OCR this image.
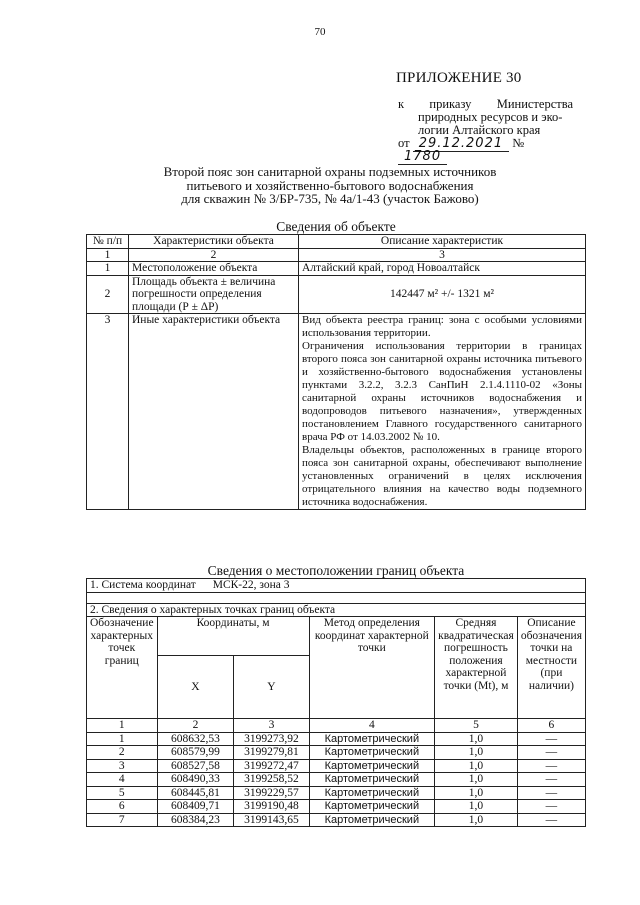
70
ПРИЛОЖЕНИЕ 30
к приказу Министерства
природных ресурсов и эко-
логии Алтайского края
от 29.12.2021 № 1780
Второй пояс зон санитарной охраны подземных источников
питьевого и хозяйственно-бытового водоснабжения
для скважин № 3/БР-735, № 4а/1-43 (участок Бажово)
Сведения об объекте
№ п/п	Характеристики объекта	Описание характеристик
1	2	3
1	Местоположение объекта	Алтайский край, город Новоалтайск
2	Площадь объекта ± величина погрешности определения площади (Р ± ΔР)	142447 м² +/- 1321 м²
3	Иные характеристики объекта	Вид объекта реестра границ: зона с особыми условиями использования территории.
Ограничения использования территории в границах второго пояса зон санитарной охраны источника питьевого и хозяйственно-бытового водоснабжения установлены пунктами 3.2.2, 3.2.3 СанПиН 2.1.4.1110-02 «Зоны санитарной охраны источников водоснабжения и водопроводов питьевого назначения», утвержденных постановлением Главного государственного санитарного врача РФ от 14.03.2002 № 10.
Владельцы объектов, расположенных в границе второго пояса зон санитарной охраны, обеспечивают выполнение установленных ограничений в целях исключения отрицательного влияния на качество воды подземного источника водоснабжения.
Сведения о местоположении границ объекта
1. Система координат МСК-22, зона 3					

2. Сведения о характерных точках границ объекта					
Обозначение характерных точек границ	Координаты, м		Метод определения координат характерной точки	Средняя квадратическая погрешность положения характерной точки (Mt), м	Описание обозначения точки на местности (при наличии)
	X	Y			
1	2	3	4	5	6
1	608632,53	3199273,92	Картометрический	1,0	—
2	608579,99	3199279,81	Картометрический	1,0	—
3	608527,58	3199272,47	Картометрический	1,0	—
4	608490,33	3199258,52	Картометрический	1,0	—
5	608445,81	3199229,57	Картометрический	1,0	—
6	608409,71	3199190,48	Картометрический	1,0	—
7	608384,23	3199143,65	Картометрический	1,0	—
